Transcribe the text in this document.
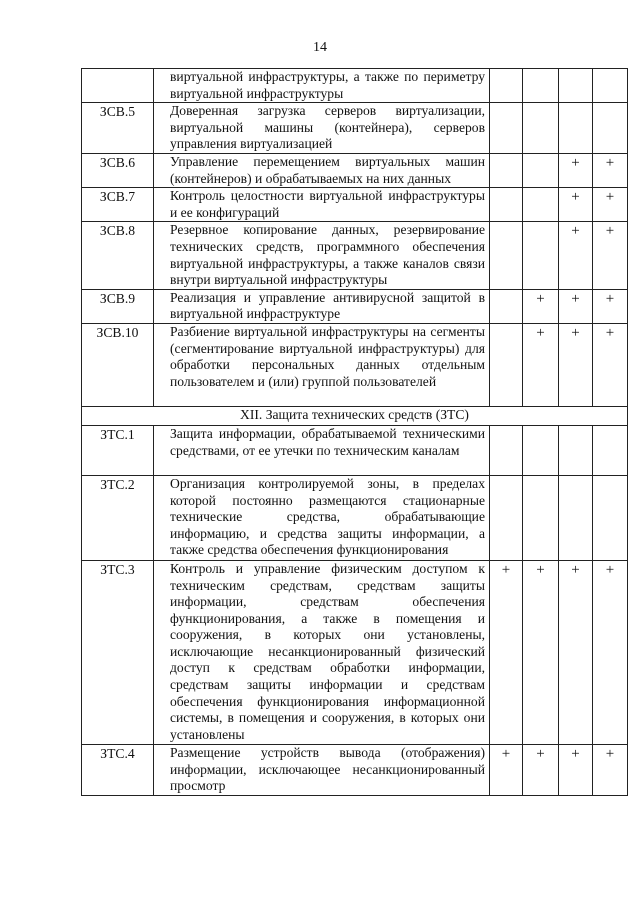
14
	виртуальной инфраструктуры, а также по периметру виртуальной инфраструктуры				
ЗСВ.5	Доверенная загрузка серверов виртуализации, виртуальной машины (контейнера), серверов управления виртуализацией				
ЗСВ.6	Управление перемещением виртуальных машин (контейнеров) и обрабатываемых на них данных			+	+
ЗСВ.7	Контроль целостности виртуальной инфраструктуры и ее конфигураций			+	+
ЗСВ.8	Резервное копирование данных, резервирование технических средств, программного обеспечения виртуальной инфраструктуры, а также каналов связи внутри виртуальной инфраструктуры			+	+
ЗСВ.9	Реализация и управление антивирусной защитой в виртуальной инфраструктуре		+	+	+
ЗСВ.10	Разбиение виртуальной инфраструктуры на сегменты (сегментирование виртуальной инфраструктуры) для обработки персональных данных отдельным пользователем и (или) группой пользователей		+	+	+
XII. Защита технических средств (ЗТС)					
ЗТС.1	Защита информации, обрабатываемой техническими средствами, от ее утечки по техническим каналам				
ЗТС.2	Организация контролируемой зоны, в пределах которой постоянно размещаются стационарные технические средства, обрабатывающие информацию, и средства защиты информации, а также средства обеспечения функционирования				
ЗТС.3	Контроль и управление физическим доступом к техническим средствам, средствам защиты информации, средствам обеспечения функционирования, а также в помещения и сооружения, в которых они установлены, исключающие несанкционированный физический доступ к средствам обработки информации, средствам защиты информации и средствам обеспечения функционирования информационной системы, в помещения и сооружения, в которых они установлены	+	+	+	+
ЗТС.4	Размещение устройств вывода (отображения) информации, исключающее несанкционированный просмотр	+	+	+	+
